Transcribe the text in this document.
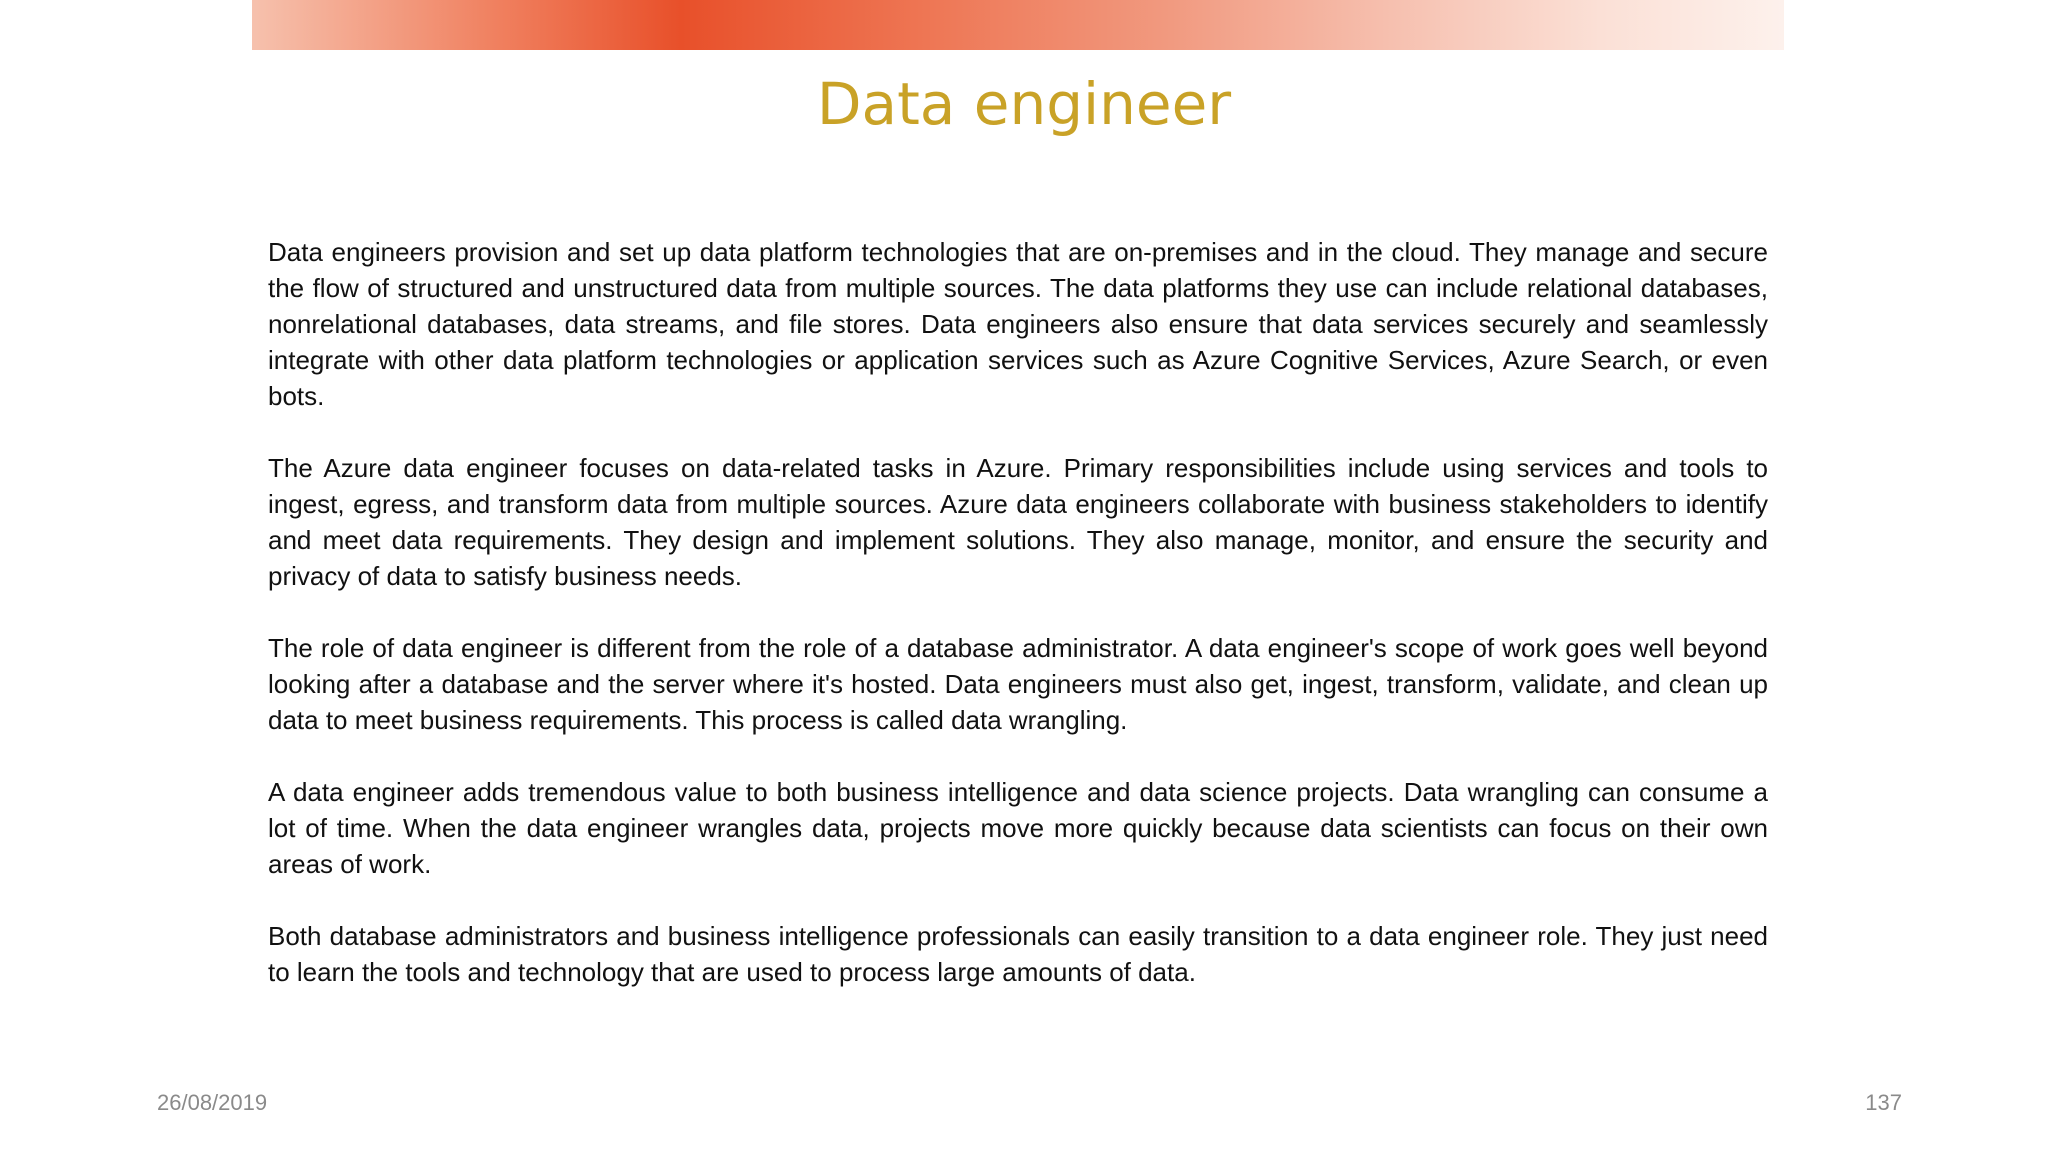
Data engineer

Data engineers provision and set up data platform technologies that are on-premises and in the cloud. They manage and secure the flow of structured and unstructured data from multiple sources. The data platforms they use can include relational databases, nonrelational databases, data streams, and file stores. Data engineers also ensure that data services securely and seamlessly integrate with other data platform technologies or application services such as Azure Cognitive Services, Azure Search, or even bots.

The Azure data engineer focuses on data-related tasks in Azure. Primary responsibilities include using services and tools to ingest, egress, and transform data from multiple sources. Azure data engineers collaborate with business stakeholders to identify and meet data requirements. They design and implement solutions. They also manage, monitor, and ensure the security and privacy of data to satisfy business needs.

The role of data engineer is different from the role of a database administrator. A data engineer's scope of work goes well beyond looking after a database and the server where it's hosted. Data engineers must also get, ingest, transform, validate, and clean up data to meet business requirements. This process is called data wrangling.

A data engineer adds tremendous value to both business intelligence and data science projects. Data wrangling can consume a lot of time. When the data engineer wrangles data, projects move more quickly because data scientists can focus on their own areas of work.

Both database administrators and business intelligence professionals can easily transition to a data engineer role. They just need to learn the tools and technology that are used to process large amounts of data.

26/08/2019	137
